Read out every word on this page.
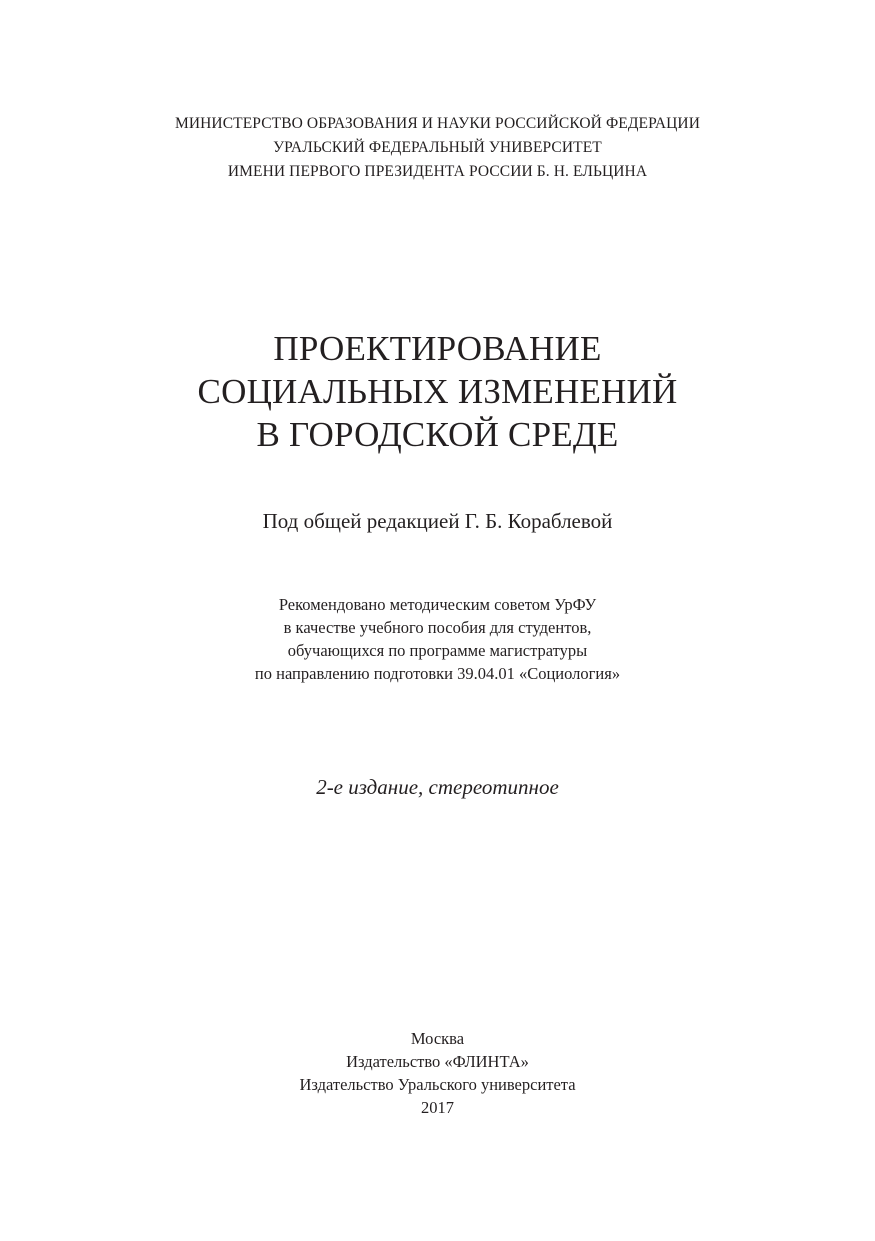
МИНИСТЕРСТВО ОБРАЗОВАНИЯ И НАУКИ РОССИЙСКОЙ ФЕДЕРАЦИИ
УРАЛЬСКИЙ ФЕДЕРАЛЬНЫЙ УНИВЕРСИТЕТ
ИМЕНИ ПЕРВОГО ПРЕЗИДЕНТА РОССИИ Б. Н. ЕЛЬЦИНА
ПРОЕКТИРОВАНИЕ
СОЦИАЛЬНЫХ ИЗМЕНЕНИЙ
В ГОРОДСКОЙ СРЕДЕ
Под общей редакцией Г. Б. Кораблевой
Рекомендовано методическим советом УрФУ
в качестве учебного пособия для студентов,
обучающихся по программе магистратуры
по направлению подготовки 39.04.01 «Социология»
2-е издание, стереотипное
Москва
Издательство «ФЛИНТА»
Издательство Уральского университета
2017
